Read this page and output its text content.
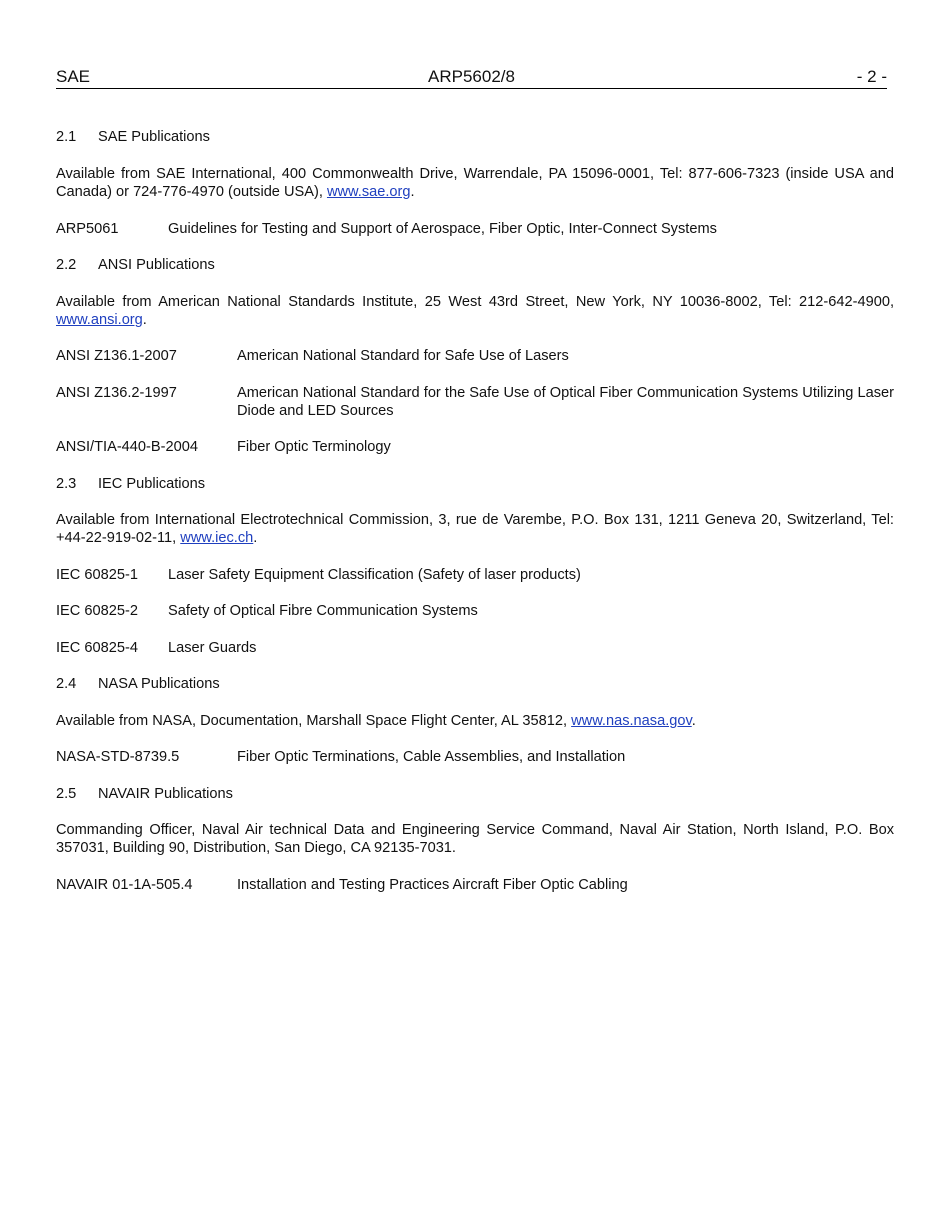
SAE	ARP5602/8	- 2 -
2.1 SAE Publications
Available from SAE International, 400 Commonwealth Drive, Warrendale, PA 15096-0001, Tel: 877-606-7323 (inside USA and Canada) or 724-776-4970 (outside USA), www.sae.org.
ARP5061	Guidelines for Testing and Support of Aerospace, Fiber Optic, Inter-Connect Systems
2.2 ANSI Publications
Available from American National Standards Institute, 25 West 43rd Street, New York, NY 10036-8002, Tel: 212-642-4900, www.ansi.org.
ANSI Z136.1-2007	American National Standard for Safe Use of Lasers
ANSI Z136.2-1997	American National Standard for the Safe Use of Optical Fiber Communication Systems Utilizing Laser Diode and LED Sources
ANSI/TIA-440-B-2004	Fiber Optic Terminology
2.3 IEC Publications
Available from International Electrotechnical Commission, 3, rue de Varembe, P.O. Box 131, 1211 Geneva 20, Switzerland, Tel: +44-22-919-02-11, www.iec.ch.
IEC 60825-1 Laser Safety Equipment Classification (Safety of laser products)
IEC 60825-2 Safety of Optical Fibre Communication Systems
IEC 60825-4 Laser Guards
2.4 NASA Publications
Available from NASA, Documentation, Marshall Space Flight Center, AL 35812, www.nas.nasa.gov.
NASA-STD-8739.5	Fiber Optic Terminations, Cable Assemblies, and Installation
2.5 NAVAIR Publications
Commanding Officer, Naval Air technical Data and Engineering Service Command, Naval Air Station, North Island, P.O. Box 357031, Building 90, Distribution, San Diego, CA 92135-7031.
NAVAIR 01-1A-505.4	Installation and Testing Practices Aircraft Fiber Optic Cabling
